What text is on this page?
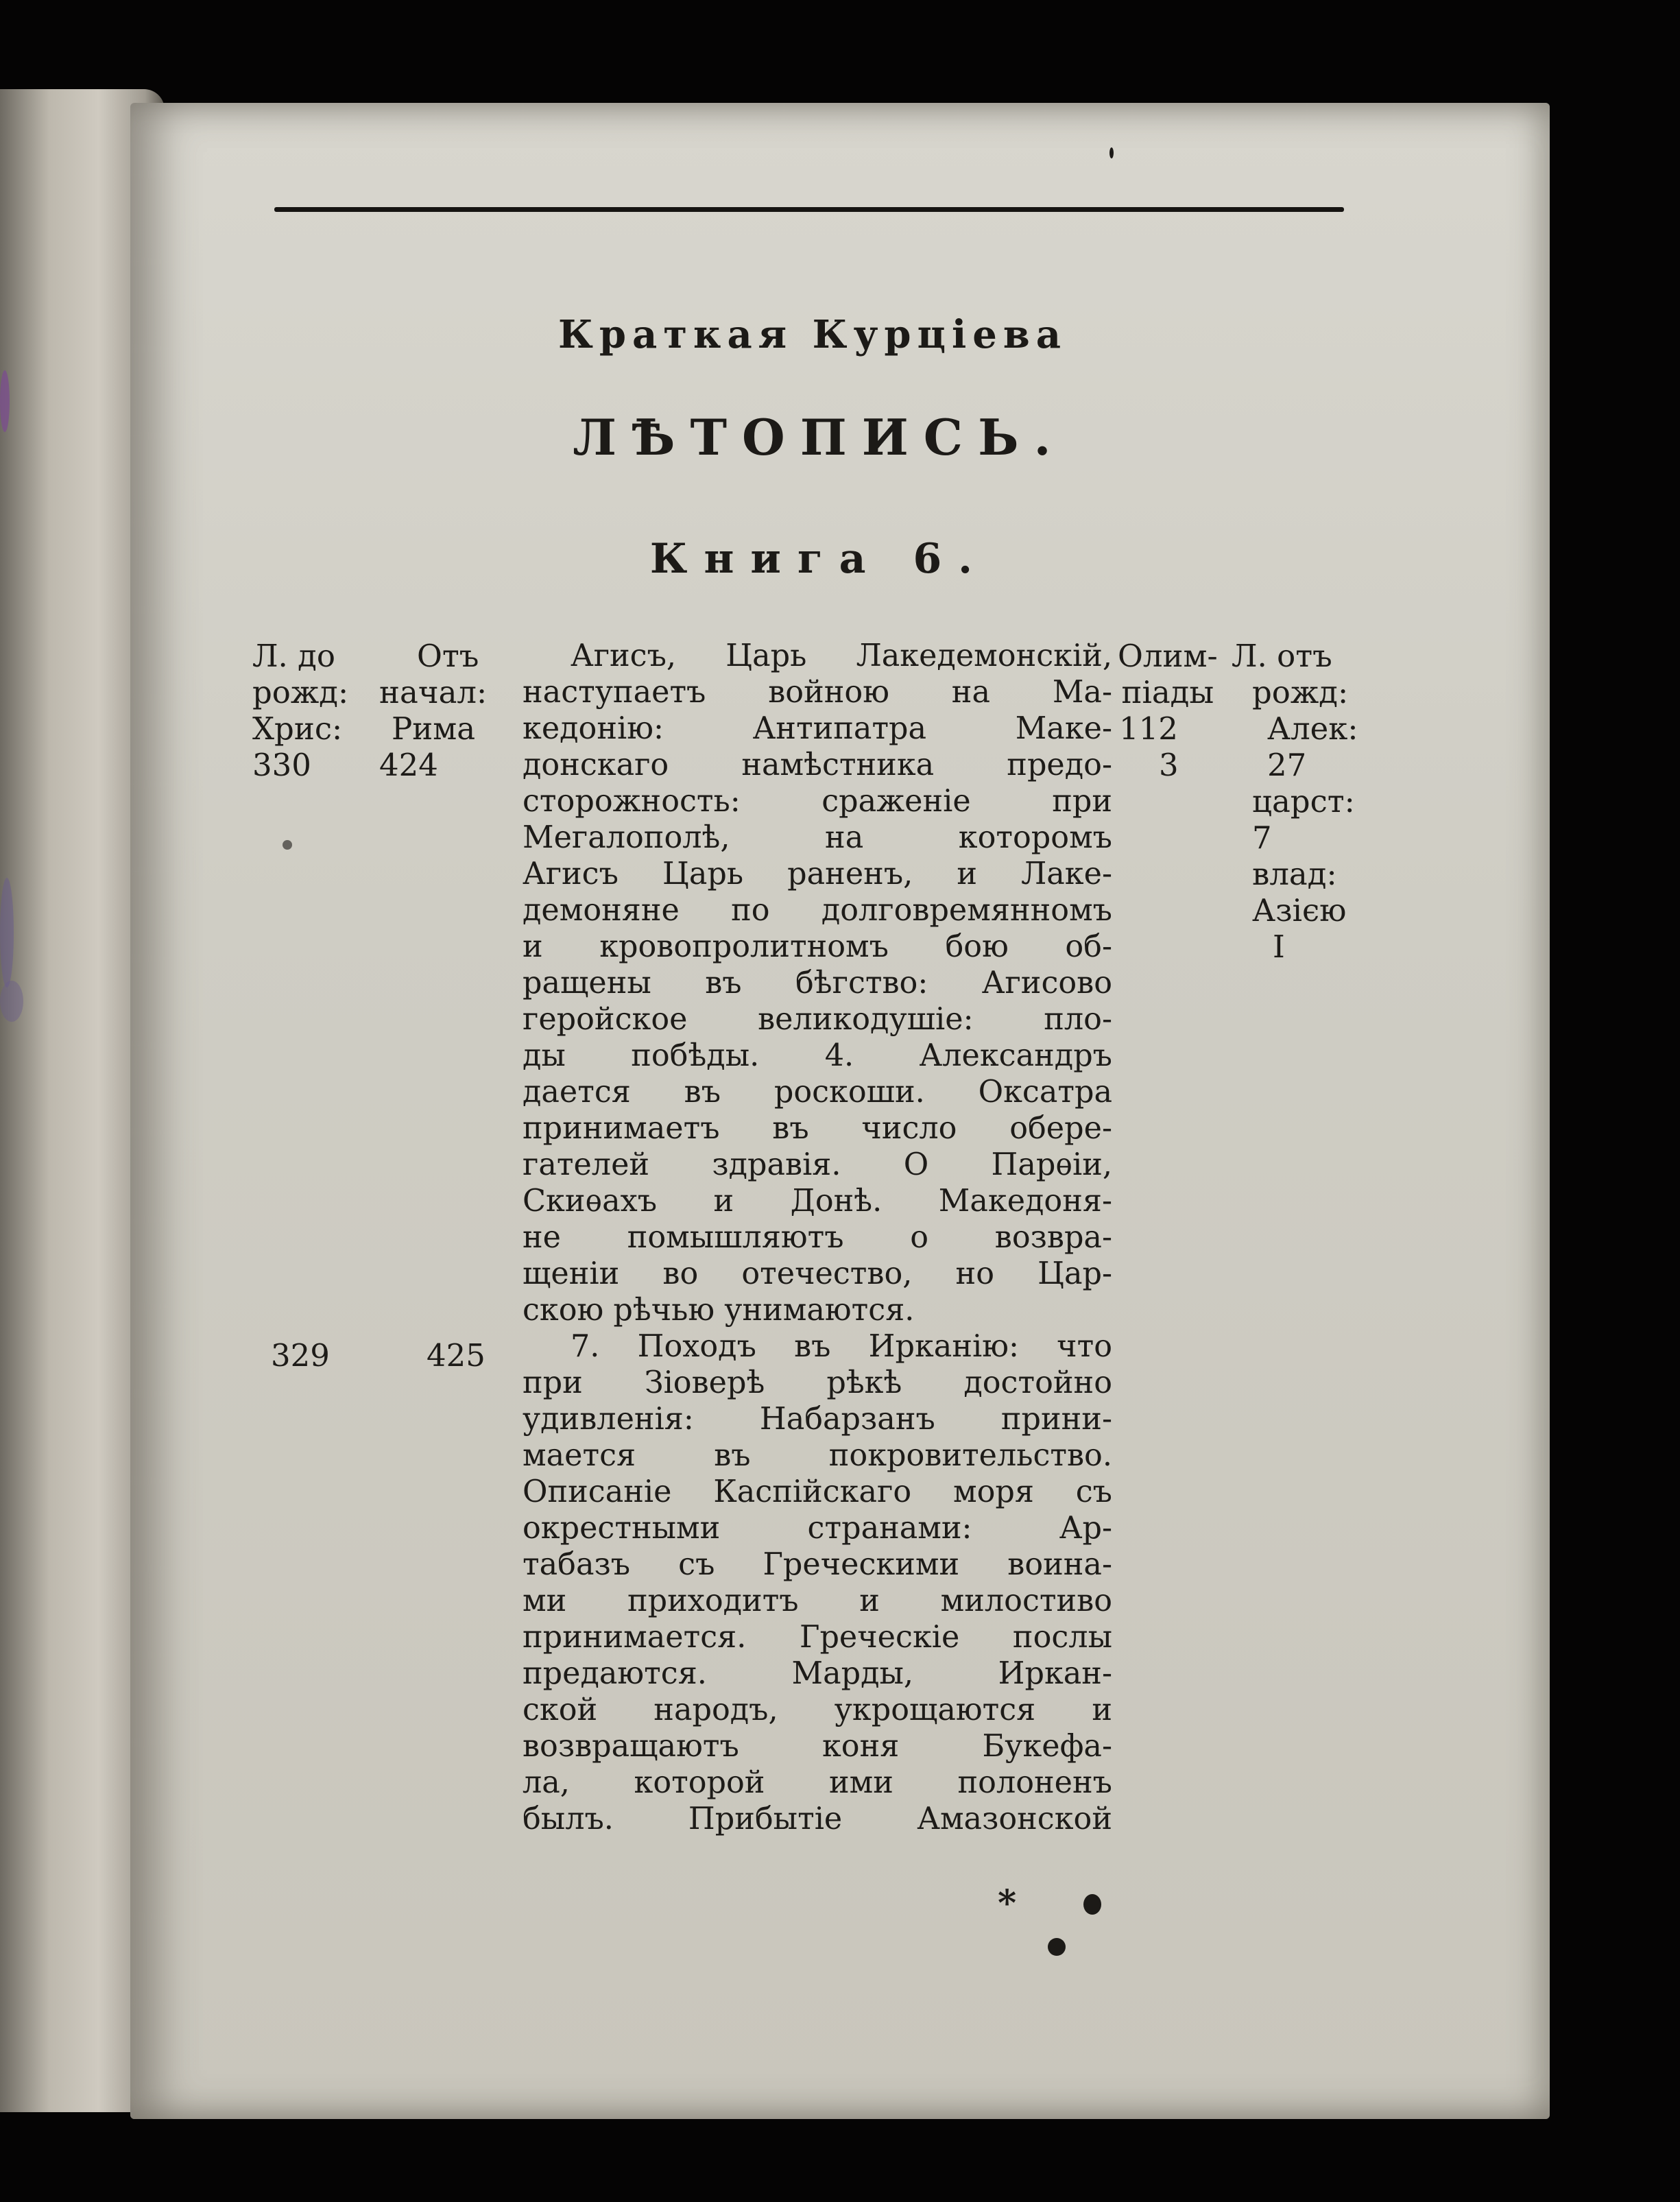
Краткая Курціева
ЛѢТОПИСЬ.
Книга 6.
Л. до
рожд:
Хрис:
330
Отъ
начал:
Рима
424
Агисъ, Царь Лакедемонскій,
наступаетъ войною на Ма-
кедонію: Антипатра Маке-
донскаго намѣстника предо-
сторожность: сраженіе при
Мегалополѣ, на которомъ
Агисъ Царь раненъ, и Лаке-
демоняне по долговремянномъ
и кровопролитномъ бою об-
ращены въ бѣгство: Агисово
геройское великодушіе: пло-
ды побѣды. 4. Александръ
дается въ роскоши. Оксатра
принимаетъ въ число обере-
гателей здравія. О Парѳіи,
Скиѳахъ и Донѣ. Македоня-
не помышляютъ о возвра-
щеніи во отечество, но Цар-
скою рѣчью унимаются.
7. Походъ въ Ирканію: что
при Зіоверѣ рѣкѣ достойно
удивленія: Набарзанъ прини-
мается въ покровительство.
Описаніе Каспійскаго моря съ
окрестными странами: Ар-
табазъ съ Греческими воина-
ми приходитъ и милостиво
принимается. Греческіе послы
предаются. Марды, Иркан-
ской народъ, укрощаются и
возвращаютъ коня Букефа-
ла, которой ими полоненъ
былъ. Прибытіе Амазонской
Олим-
піады
112
3
Л. отъ
рожд:
Алек:
27
царст:
7
влад:
Азією
I
329	425
*
